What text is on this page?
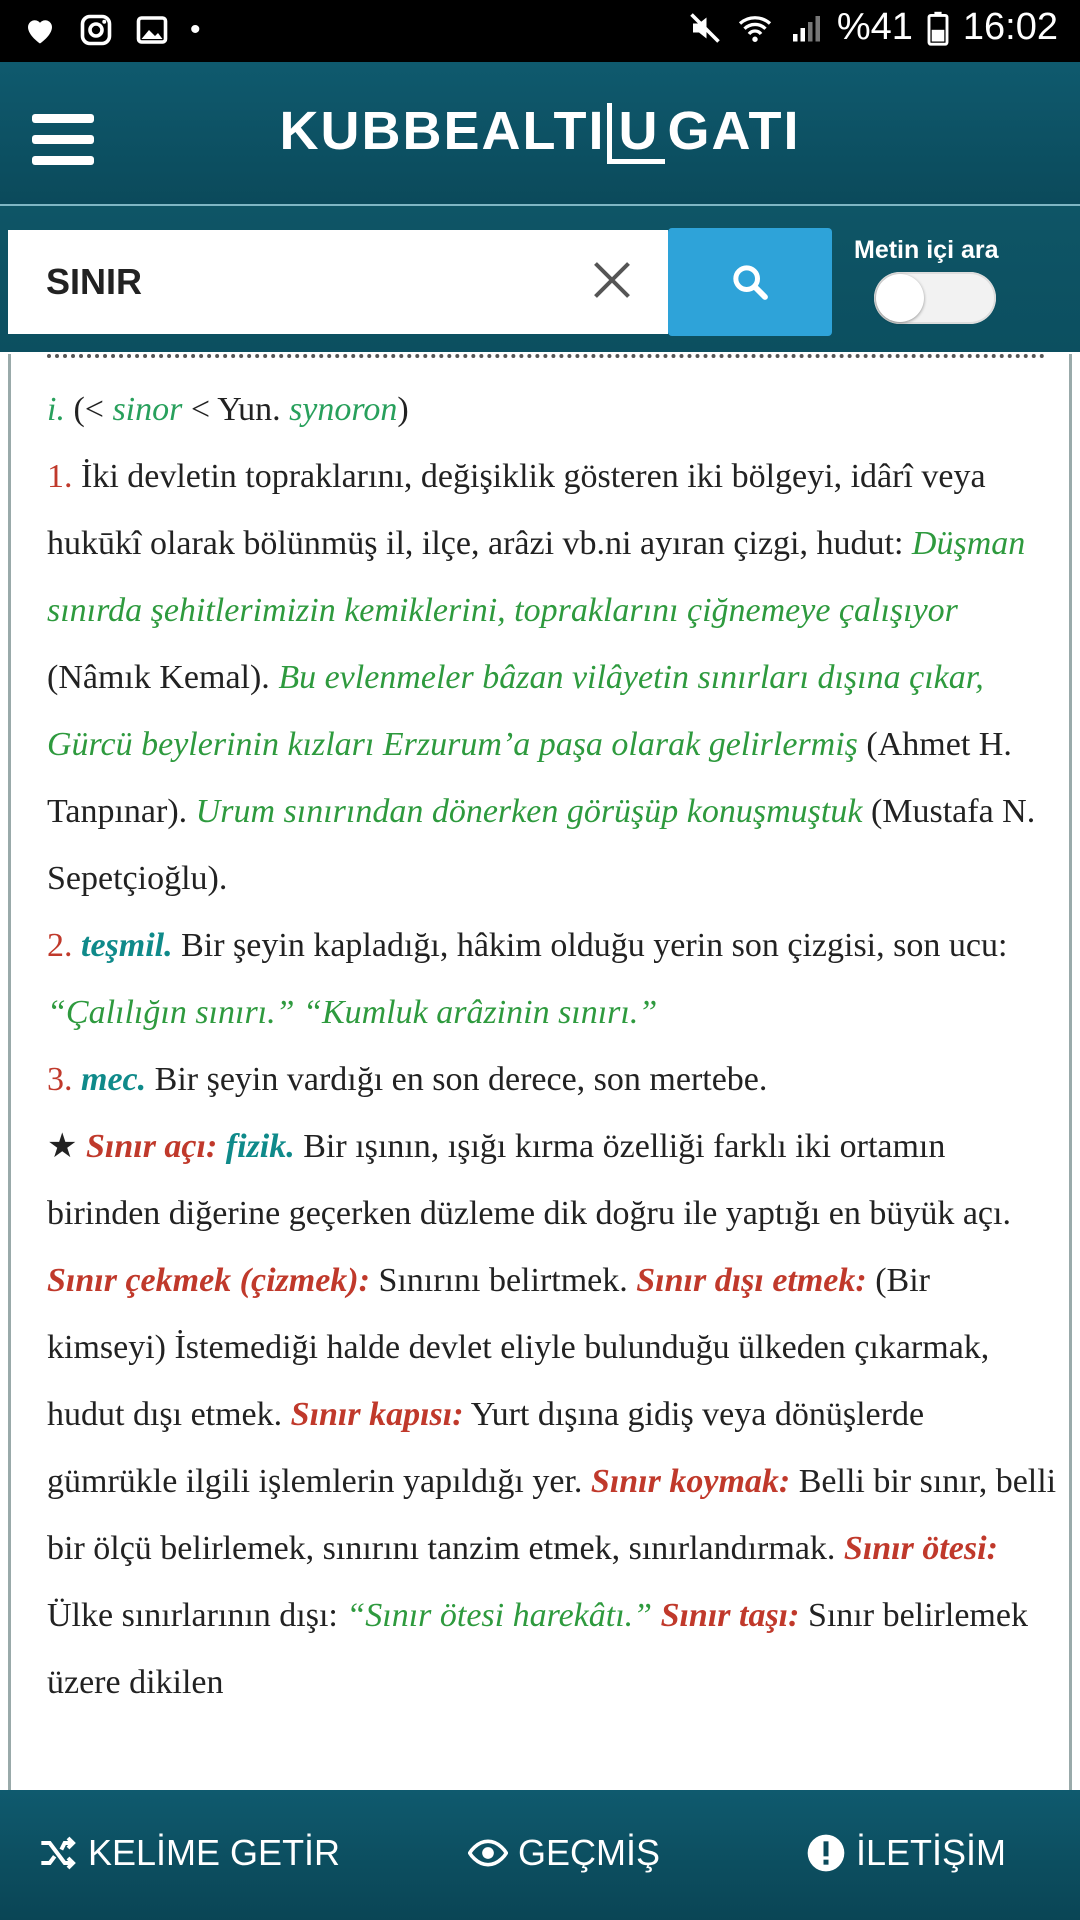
•	%41 16:02
KUBBEALTI U GATI
SINIR
Metin içi ara

i. (< sinor < Yun. synoron)

1. İki devletin topraklarını, değişiklik gösteren iki bölgeyi, idârî veya hukūkî olarak bölünmüş il, ilçe, arâzi vb.ni ayıran çizgi, hudut: Düşman sınırda şehitlerimizin kemiklerini, topraklarını çiğnemeye çalışıyor (Nâmık Kemal). Bu evlenmeler bâzan vilâyetin sınırları dışına çıkar, Gürcü beylerinin kızları Erzurum’a paşa olarak gelirlermiş (Ahmet H. Tanpınar). Urum sınırından dönerken görüşüp konuşmuştuk (Mustafa N. Sepetçioğlu).

2. teşmil. Bir şeyin kapladığı, hâkim olduğu yerin son çizgisi, son ucu: “Çalılığın sınırı.” “Kumluk arâzinin sınırı.”

3. mec. Bir şeyin vardığı en son derece, son mertebe.

★ Sınır açı: fizik. Bir ışının, ışığı kırma özelliği farklı iki ortamın birinden diğerine geçerken düzleme dik doğru ile yaptığı en büyük açı. Sınır çekmek (çizmek): Sınırını belirtmek. Sınır dışı etmek: (Bir kimseyi) İstemediği halde devlet eliyle bulunduğu ülkeden çıkarmak, hudut dışı etmek. Sınır kapısı: Yurt dışına gidiş veya dönüşlerde gümrükle ilgili işlemlerin yapıldığı yer. Sınır koymak: Belli bir sınır, belli bir ölçü belirlemek, sınırını tanzim etmek, sınırlandırmak. Sınır ötesi: Ülke sınırlarının dışı: “Sınır ötesi harekâtı.” Sınır taşı: Sınır belirlemek üzere dikilen

KELİME GETİR	GEÇMİŞ	İLETİŞİM
